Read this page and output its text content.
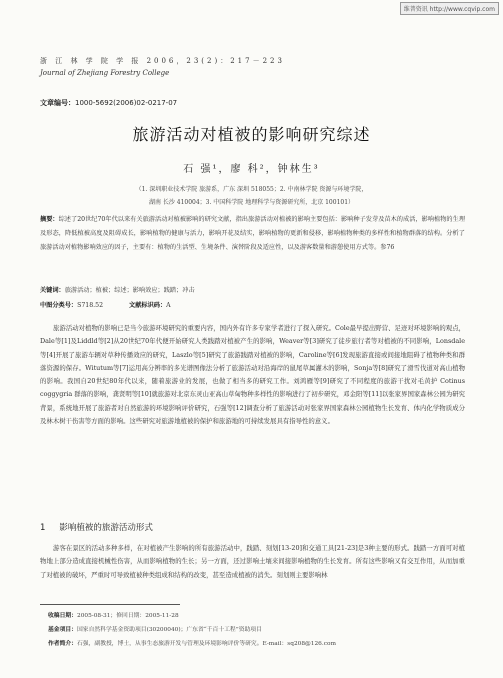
维普资讯 http://www.cqvip.com
浙 江 林 学 院 学 报 2006，23(2)：217－223
Journal of Zhejiang Forestry College
文章编号：1000-5692(2006)02-0217-07
旅游活动对植被的影响研究综述
石 强¹，廖 科²，钟林生³
（1. 深圳职业技术学院 旅游系，广东 深圳 518055；2. 中南林学院 资源与环境学院，
湖南 长沙 410004；3. 中国科学院 地理科学与资源研究所，北京 100101）
摘要：综述了20世纪70年代以来有关旅游活动对植被影响的研究文献，指出旅游活动对植被的影响主要包括：影响种子发芽及苗木的成活，影响植物的生理及形态，降低植被高度及阻碍成长，影响植物的健康与活力，影响开花及结实，影响植物的更新和侵移，影响植物种类的多样性和植物群落的结构。分析了旅游活动对植物影响效应的因子，主要有：植物的生活型、生境条件、演替阶段及适应性，以及游客数量和游憩使用方式等。参76
关键词：旅游活动；植被；综述；影响效应；践踏；冲击
中图分类号：S718.52	文献标识码：A

旅游活动对植物的影响已是当今旅游环境研究的重要内容，国内外有许多专家学者进行了探入研究。Cole最早提出野营、足迹对环境影响的观点，Dale等[1]及Liddld等[2]从20世纪70年代便开始研究人类践踏对植被产生的影响，Weaver等[3]研究了徒步旅行者等对植被的不同影响，Lonsdale等[4]开展了旅游车辆对草种传播效应的研究，Laszlo等[5]研究了旅游践踏对植被的影响，Caroline等[6]发现旅游直接或间接地阻碍了植物种类和群落资源的保存。Witutum等[7]运用高分辨率的多光谱图像法分析了旅游活动对沿海岸的鼠尾草属灌木的影响，Sonja等[8]研究了滑雪伐道对高山植物的影响。我国自20世纪80年代以来，随着旅游业的发展，也做了相当多的研究工作。刘鸿雁等[9]研究了不同程度的旅游干扰对毛黄护 Cotinus coggygria 群落的影响，龚贤明等[10]就旅游对北京东灵山亚高山草甸物种多样性的影响进行了初步研究，邓金阳等[11]以张家界国家森林公园为研究背景，系统地开展了旅游者对自然旅游的环境影响评价研究，石强等[12]调查分析了旅游活动对张家界国家森林公园植物生长发育、体内化学物质成分及林木树干伤害等方面的影响。这些研究对旅游地植被的保护和旅游地的可持续发展具有指导性的意义。

1 影响植被的旅游活动形式

游客在景区的活动多种多样，在对植被产生影响的所有旅游活动中，践踏、刻划[13-20]和交通工具[21-23]是3种主要的形式。践踏一方面可对植物地上部分造成直接机械性伤害，从而影响植物的生长；另一方面，还过影响土壤来间接影响植物的生长发育。所有这些影响又有交互作用，从而加重了对植被的破坏，严重时可导致植被种类组成和结构的改变，甚至造成植被的消失。刻划则主要影响林

收稿日期：2005-08-31；修回日期：2005-11-28
基金项目：国家自然科学基金资助项目(30200040)；广东省“千百十工程”资助项目
作者简介：石强，副教授，博士，从事生态旅游开发与管理及环境影响评价等研究。E-mail：sq208@126.com
